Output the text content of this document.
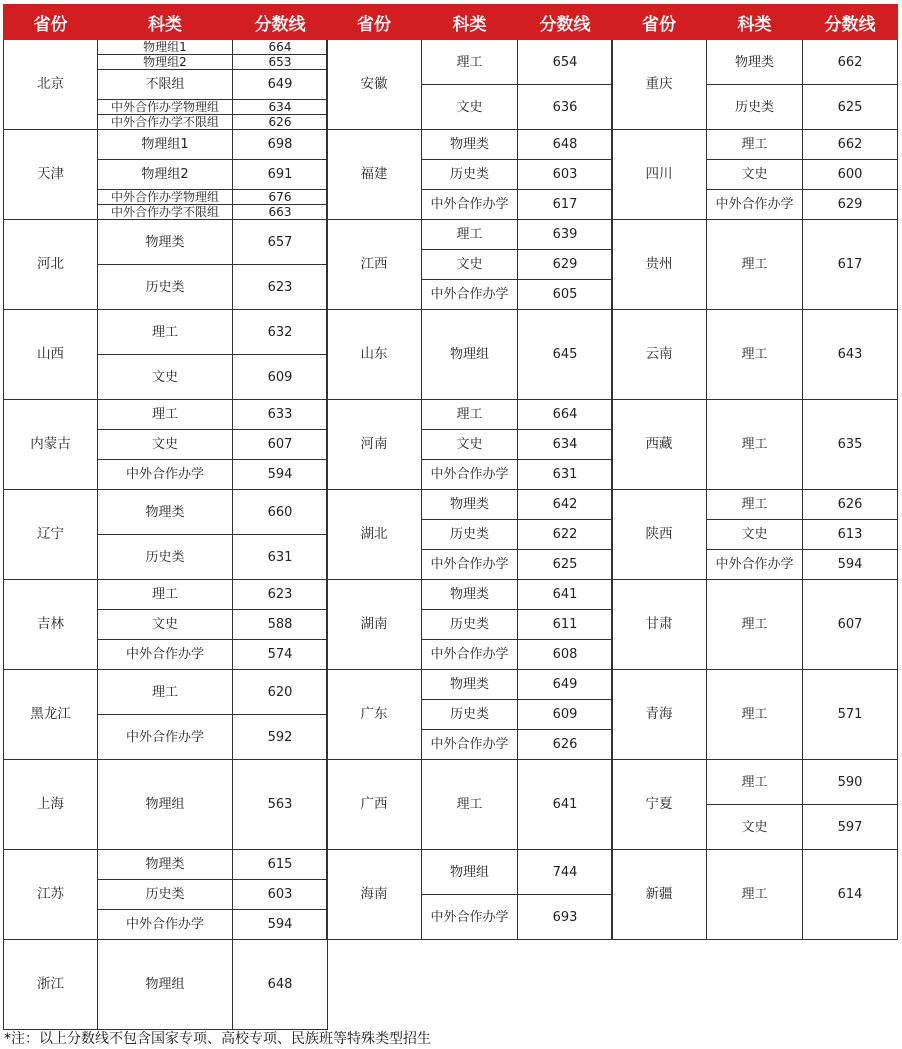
省份	科类	分数线
北京	物理组1	664
	物理组2	653
	不限组	649
	中外合作办学物理组	634
	中外合作办学不限组	626
天津	物理组1	698
	物理组2	691
	中外合作办学物理组	676
	中外合作办学不限组	663
河北	物理类	657
	历史类	623
山西	理工	632
	文史	609
内蒙古	理工	633
	文史	607
	中外合作办学	594
辽宁	物理类	660
	历史类	631
吉林	理工	623
	文史	588
	中外合作办学	574
黑龙江	理工	620
	中外合作办学	592
上海	物理组	563
江苏	物理类	615
	历史类	603
	中外合作办学	594
浙江	物理组	648
省份	科类	分数线
安徽	理工	654
	文史	636
福建	物理类	648
	历史类	603
	中外合作办学	617
江西	理工	639
	文史	629
	中外合作办学	605
山东	物理组	645
河南	理工	664
	文史	634
	中外合作办学	631
湖北	物理类	642
	历史类	622
	中外合作办学	625
湖南	物理类	641
	历史类	611
	中外合作办学	608
广东	物理类	649
	历史类	609
	中外合作办学	626
广西	理工	641
海南	物理组	744
	中外合作办学	693
省份	科类	分数线
重庆	物理类	662
	历史类	625
四川	理工	662
	文史	600
	中外合作办学	629
贵州	理工	617
云南	理工	643
西藏	理工	635
陕西	理工	626
	文史	613
	中外合作办学	594
甘肃	理工	607
青海	理工	571
宁夏	理工	590
	文史	597
新疆	理工	614
*注：以上分数线不包含国家专项、高校专项、民族班等特殊类型招生
